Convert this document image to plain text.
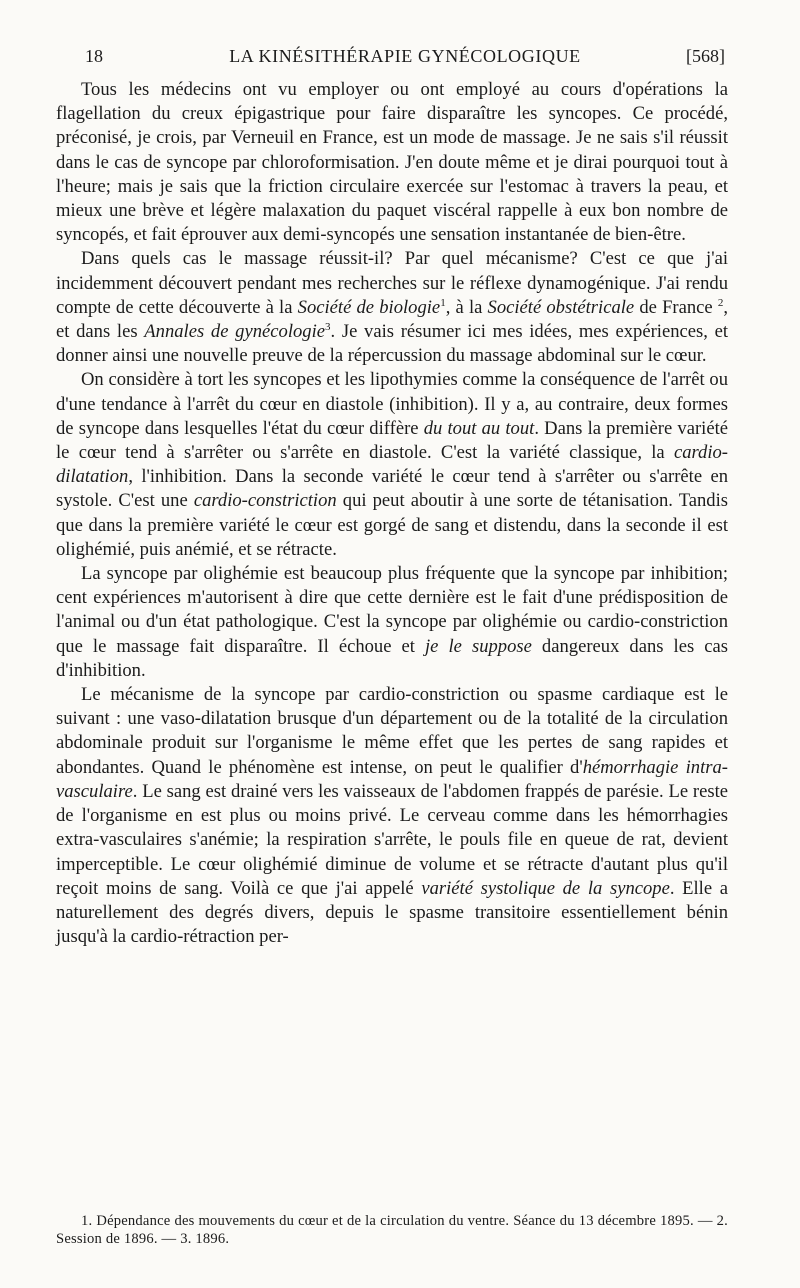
18	LA KINÉSITHÉRAPIE GYNÉCOLOGIQUE	[568]

Tous les médecins ont vu employer ou ont employé au cours d'opérations la flagellation du creux épigastrique pour faire disparaître les syncopes. Ce procédé, préconisé, je crois, par Verneuil en France, est un mode de massage. Je ne sais s'il réussit dans le cas de syncope par chloroformisation. J'en doute même et je dirai pourquoi tout à l'heure; mais je sais que la friction circulaire exercée sur l'estomac à travers la peau, et mieux une brève et légère malaxation du paquet viscéral rappelle à eux bon nombre de syncopés, et fait éprouver aux demi-syncopés une sensation instantanée de bien-être.

Dans quels cas le massage réussit-il? Par quel mécanisme? C'est ce que j'ai incidemment découvert pendant mes recherches sur le réflexe dynamogénique. J'ai rendu compte de cette découverte à la Société de biologie$^1$, à la Société obstétricale de France $^2$, et dans les Annales de gynécologie$^3$. Je vais résumer ici mes idées, mes expériences, et donner ainsi une nouvelle preuve de la répercussion du massage abdominal sur le cœur.

On considère à tort les syncopes et les lipothymies comme la conséquence de l'arrêt ou d'une tendance à l'arrêt du cœur en diastole (inhibition). Il y a, au contraire, deux formes de syncope dans lesquelles l'état du cœur diffère du tout au tout. Dans la première variété le cœur tend à s'arrêter ou s'arrête en diastole. C'est la variété classique, la cardio-dilatation, l'inhibition. Dans la seconde variété le cœur tend à s'arrêter ou s'arrête en systole. C'est une cardio-constriction qui peut aboutir à une sorte de tétanisation. Tandis que dans la première variété le cœur est gorgé de sang et distendu, dans la seconde il est olighémié, puis anémié, et se rétracte.

La syncope par olighémie est beaucoup plus fréquente que la syncope par inhibition; cent expériences m'autorisent à dire que cette dernière est le fait d'une prédisposition de l'animal ou d'un état pathologique. C'est la syncope par olighémie ou cardio-constriction que le massage fait disparaître. Il échoue et je le suppose dangereux dans les cas d'inhibition.

Le mécanisme de la syncope par cardio-constriction ou spasme cardiaque est le suivant : une vaso-dilatation brusque d'un département ou de la totalité de la circulation abdominale produit sur l'organisme le même effet que les pertes de sang rapides et abondantes. Quand le phénomène est intense, on peut le qualifier d'hémorrhagie intra-vasculaire. Le sang est drainé vers les vaisseaux de l'abdomen frappés de parésie. Le reste de l'organisme en est plus ou moins privé. Le cerveau comme dans les hémorrhagies extra-vasculaires s'anémie; la respiration s'arrête, le pouls file en queue de rat, devient imperceptible. Le cœur olighémié diminue de volume et se rétracte d'autant plus qu'il reçoit moins de sang. Voilà ce que j'ai appelé variété systolique de la syncope. Elle a naturellement des degrés divers, depuis le spasme transitoire essentiellement bénin jusqu'à la cardio-rétraction per-

1. Dépendance des mouvements du cœur et de la circulation du ventre. Séance du 13 décembre 1895. — 2. Session de 1896. — 3. 1896.
